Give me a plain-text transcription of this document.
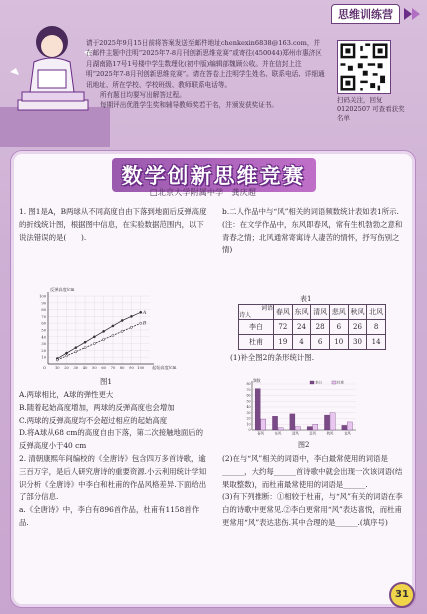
思维训练营

请于2025年9月15日前将答案发送至邮件地址chenkexin6838@163.com，并在邮件主题中注明“2025年7-8月刊创新思维竞赛”或寄往(450044)郑州市惠济区月湖南路17号1号楼中学生数理化(初中版)编辑部魏顾公收。并在信封上注明“2025年7-8月刊创新思维竞赛”。请在答卷上注明学生姓名、联系电话、详细通讯地址、所在学校、学校班级、教师联系电话等。

所有题目均要写出解答过程。

每期评出优胜学生奖和辅导教师奖若干名，并颁发获奖证书。

扫码关注，回复 01202507 可查看获奖名单
数学创新思维竞赛
□北京大学附属中学　龚庆超

1. 图1是A，B两球从不同高度自由下落到地面后反弹高度的折线统计图，根据图中信息，在实验数据范围内，以下说法错误的是(　　).

10
10
20
20
30
30
40
40
50
50
60
60
70
70
80
80
90
90
100
100
O
反弹高度/cm
起始高度/cm
A
B
图1

A.两球相比，A球的弹性更大

B.随着起始高度增加，两球的反弹高度也会增加

C.两球的反弹高度均不会超过相应的起始高度

D.将A球从68 cm的高度自由下落，第二次接触地面后的反弹高度小于40 cm

2. 清朝康熙年间编校的《全唐诗》包含四万多首诗歌，逾三百万字，是后人研究唐诗的重要资源.小云利用统计学知识分析《全唐诗》中李白和杜甫的作品风格差异.下面给出了部分信息.

a.《全唐诗》中，李白有896首作品，杜甫有1158首作品.

b.二人作品中与“风”相关的词语频数统计表如表1所示.(注：在文学作品中，东风即春风，常有生机勃勃之意和青春之情；北风通常寄寓诗人凄苦的情怀，抒写伤别之情)

表1
词语
诗人	春风	东风	清风	悲风	秋风	北风
李白	72	24	28	6	26	8
杜甫	19	4	6	10	30	14
(1)补全图2的条形统计图.
10
20
30
40
50
60
70
80
0
频数
春风	东风	清风	悲风	秋风	北风
李白	杜甫
图2

(2)在与“风”相关的词语中，李白最常使用的词语是______，大约每______首诗歌中就会出现一次该词语(结果取整数)，而杜甫最常使用的词语是______.

(3)有下列推断：①相较于杜甫，与“风”有关的词语在李白的诗歌中更常见.②李白更常用“风”表达喜悦，而杜甫更常用“风”表达悲伤.其中合理的是______.(填序号)

31
